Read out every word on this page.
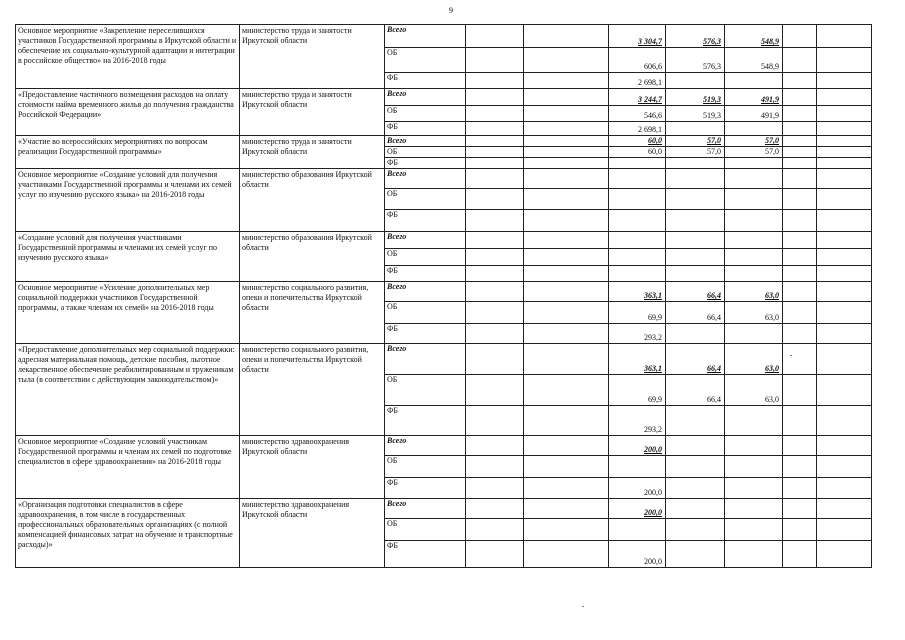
9
Основное мероприятие «Закрепление переселившихся участников Государственной программы в Иркутской области и обеспечение их социально-культурной адаптации и интеграции в российское общество» на 2016-2018 годы	министерство труда и занятости Иркутской области	Всего			3 304,7	576,3	548,9		
		ОБ			606,6	576,3	548,9		
		ФБ			2 698,1				
«Предоставление частичного возмещения расходов на оплату стоимости найма временного жилья до получения гражданства Российской Федерации»	министерство труда и занятости Иркутской области	Всего			3 244,7	519,3	491,9		
		ОБ			546,6	519,3	491,9		
		ФБ			2 698,1				
«Участие во всероссийских мероприятиях по вопросам реализации Государственной программы»	министерство труда и занятости Иркутской области	Всего			60,0	57,0	57,0		
		ОБ			60,0	57,0	57,0		
		ФБ							
Основное мероприятие «Создание условий для получения участниками Государственной программы и членами их семей услуг по изучению русского языка» на 2016-2018 годы	министерство образования Иркутской области	Всего							
		ОБ							
		ФБ							
«Создание условий для получения участниками Государственной программы и членами их семей услуг по изучению русского языка»	министерство образования Иркутской области	Всего							
		ОБ							
		ФБ							
Основное мероприятие «Усиление дополнительных мер социальной поддержки участников Государственной программы, а также членам их семей» на 2016-2018 годы	министерство социального развития, опеки и попечительства Иркутской области	Всего			363,1	66,4	63,0		
		ОБ			69,9	66,4	63,0		
		ФБ			293,2				
«Предоставление дополнительных мер социальной поддержки: адресная материальная помощь, детские пособия, льготное лекарственное обеспечение реабилитированным и труженикам тыла (в соответствии с действующим законодательством)»	министерство социального развития, опеки и попечительства Иркутской области	Всего			363,1	66,4	63,0		
		ОБ			69,9	66,4	63,0		
		ФБ			293,2				
Основное мероприятие «Создание условий участникам Государственной программы и членам их семей по подготовке специалистов в сфере здравоохранения» на 2016-2018 годы	министерство здравоохранения Иркутской области	Всего			200,0				
		ОБ							
		ФБ			200,0				
«Организация подготовки специалистов в сфере здравоохранения, в том числе в государственных профессиональных образовательных организациях (с полной компенсацией финансовых затрат на обучение и транспортные расходы)»	министерство здравоохранения Иркутской области	Всего			200,0				
		ОБ							
		ФБ			200,0				
